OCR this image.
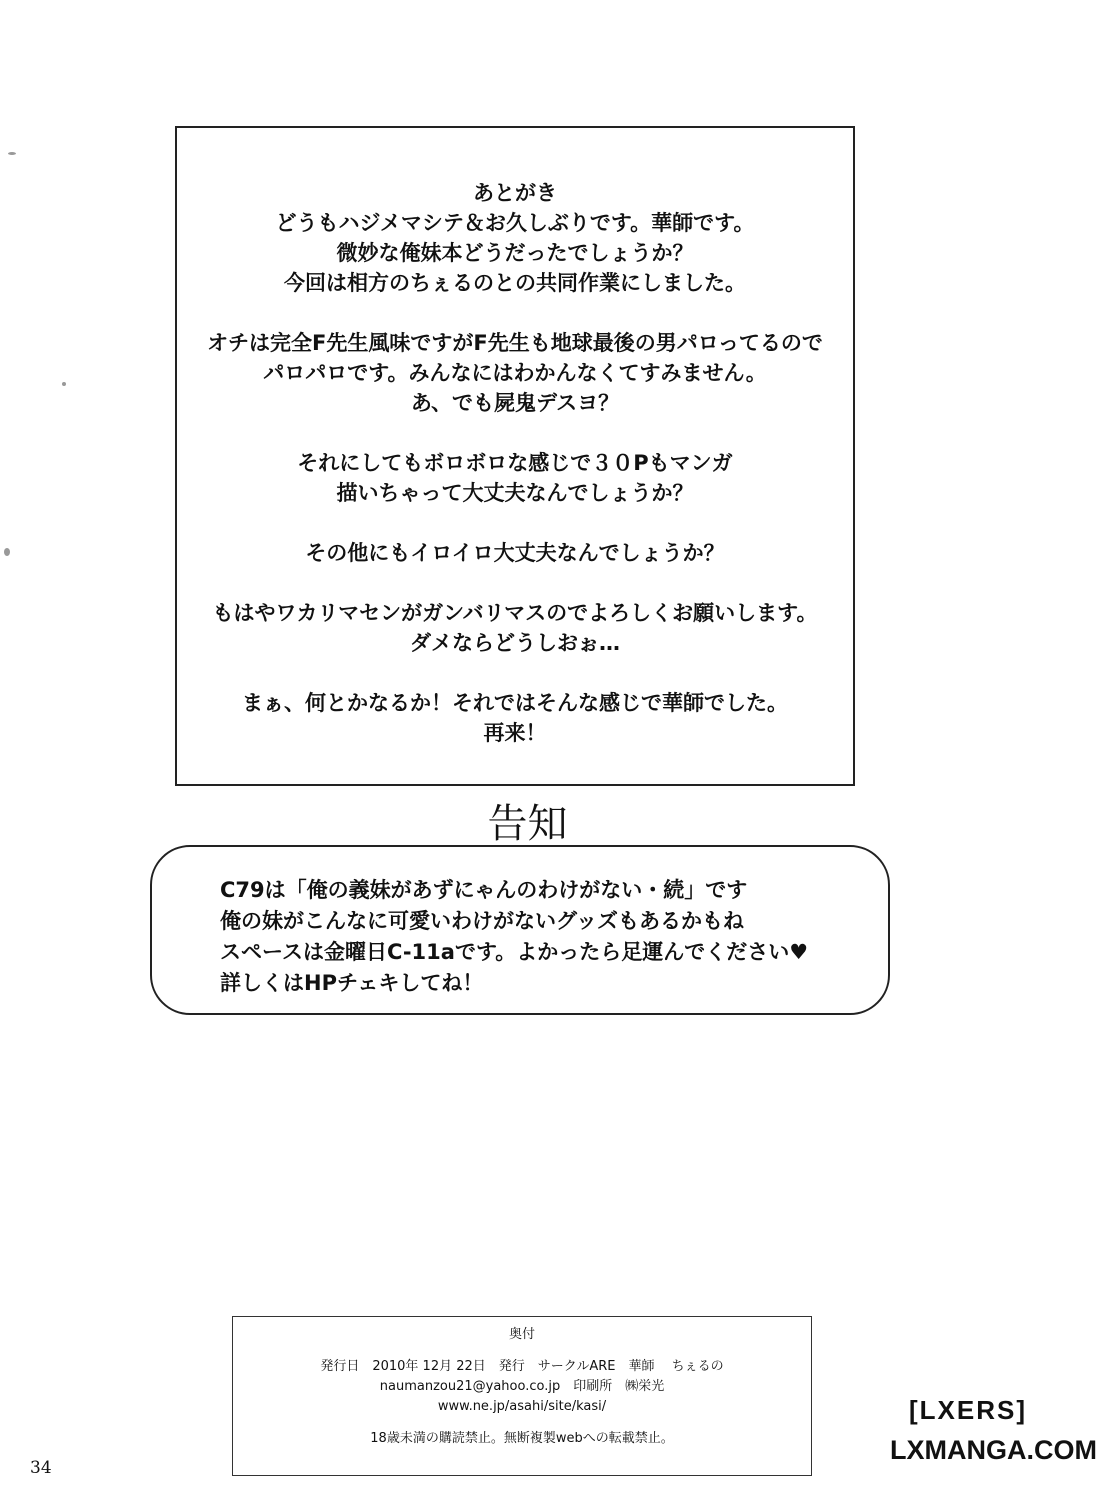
あとがき
どうもハジメマシテ＆お久しぶりです。華師です。
微妙な俺妹本どうだったでしょうか？
今回は相方のちぇるのとの共同作業にしました。
オチは完全F先生風味ですがF先生も地球最後の男パロってるので
パロパロです。みんなにはわかんなくてすみません。
あ、でも屍鬼デスヨ？
それにしてもボロボロな感じで３０Pもマンガ
描いちゃって大丈夫なんでしょうか？
その他にもイロイロ大丈夫なんでしょうか？
もはやワカリマセンがガンバリマスのでよろしくお願いします。
ダメならどうしおぉ…
まぁ、何とかなるか！それではそんな感じで華師でした。
再来！
告知
C79は「俺の義妹があずにゃんのわけがない・続」です
俺の妹がこんなに可愛いわけがないグッズもあるかもね
スペースは金曜日C-11aです。よかったら足運んでください♥
詳しくはHPチェキしてね！
奥付
発行日　2010年 12月 22日　発行　サークルARE　華師　 ちぇるの
naumanzou21@yahoo.co.jp　印刷所　㈱栄光
www.ne.jp/asahi/site/kasi/
18歳未満の購読禁止。無断複製webへの転載禁止。
34
[LXERS]
LXMANGA.COM
